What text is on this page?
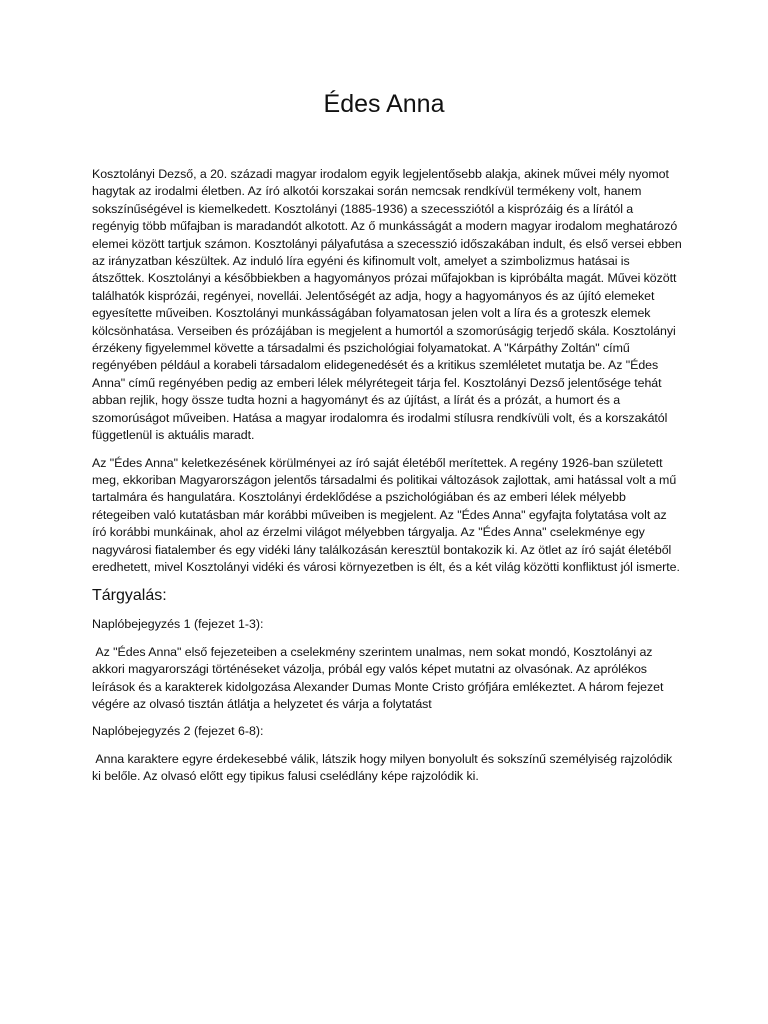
Édes Anna

Kosztolányi Dezső, a 20. századi magyar irodalom egyik legjelentősebb alakja, akinek művei mély nyomot hagytak az irodalmi életben. Az író alkotói korszakai során nemcsak rendkívül termékeny volt, hanem sokszínűségével is kiemelkedett. Kosztolányi (1885-1936) a szecessziótól a kisprózáig és a lírától a regényig több műfajban is maradandót alkotott. Az ő munkásságát a modern magyar irodalom meghatározó elemei között tartjuk számon. Kosztolányi pályafutása a szecesszió időszakában indult, és első versei ebben az irányzatban készültek. Az induló líra egyéni és kifinomult volt, amelyet a szimbolizmus hatásai is átszőttek. Kosztolányi a későbbiekben a hagyományos prózai műfajokban is kipróbálta magát. Művei között találhatók kisprózái, regényei, novellái. Jelentőségét az adja, hogy a hagyományos és az újító elemeket egyesítette műveiben. Kosztolányi munkásságában folyamatosan jelen volt a líra és a groteszk elemek kölcsönhatása. Verseiben és prózájában is megjelent a humortól a szomorúságig terjedő skála. Kosztolányi érzékeny figyelemmel követte a társadalmi és pszichológiai folyamatokat. A "Kárpáthy Zoltán" című regényében például a korabeli társadalom elidegenedését és a kritikus szemléletet mutatja be. Az "Édes Anna" című regényében pedig az emberi lélek mélyrétegeit tárja fel. Kosztolányi Dezső jelentősége tehát abban rejlik, hogy össze tudta hozni a hagyományt és az újítást, a lírát és a prózát, a humort és a szomorúságot műveiben. Hatása a magyar irodalomra és irodalmi stílusra rendkívüli volt, és a korszakától függetlenül is aktuális maradt.

Az "Édes Anna" keletkezésének körülményei az író saját életéből merítettek. A regény 1926-ban született meg, ekkoriban Magyarországon jelentős társadalmi és politikai változások zajlottak, ami hatással volt a mű tartalmára és hangulatára. Kosztolányi érdeklődése a pszichológiában és az emberi lélek mélyebb rétegeiben való kutatásban már korábbi műveiben is megjelent. Az "Édes Anna" egyfajta folytatása volt az író korábbi munkáinak, ahol az érzelmi világot mélyebben tárgyalja. Az "Édes Anna" cselekménye egy nagyvárosi fiatalember és egy vidéki lány találkozásán keresztül bontakozik ki. Az ötlet az író saját életéből eredhetett, mivel Kosztolányi vidéki és városi környezetben is élt, és a két világ közötti konfliktust jól ismerte.

Tárgyalás:

Naplóbejegyzés 1 (fejezet 1-3):

Az "Édes Anna" első fejezeteiben a cselekmény szerintem unalmas, nem sokat mondó, Kosztolányi az akkori magyarországi történéseket vázolja, próbál egy valós képet mutatni az olvasónak. Az aprólékos leírások és a karakterek kidolgozása Alexander Dumas Monte Cristo grófjára emlékeztet. A három fejezet végére az olvasó tisztán átlátja a helyzetet és várja a folytatást

Naplóbejegyzés 2 (fejezet 6-8):

Anna karaktere egyre érdekesebbé válik, látszik hogy milyen bonyolult és sokszínű személyiség rajzolódik ki belőle. Az olvasó előtt egy tipikus falusi cselédlány képe rajzolódik ki.
